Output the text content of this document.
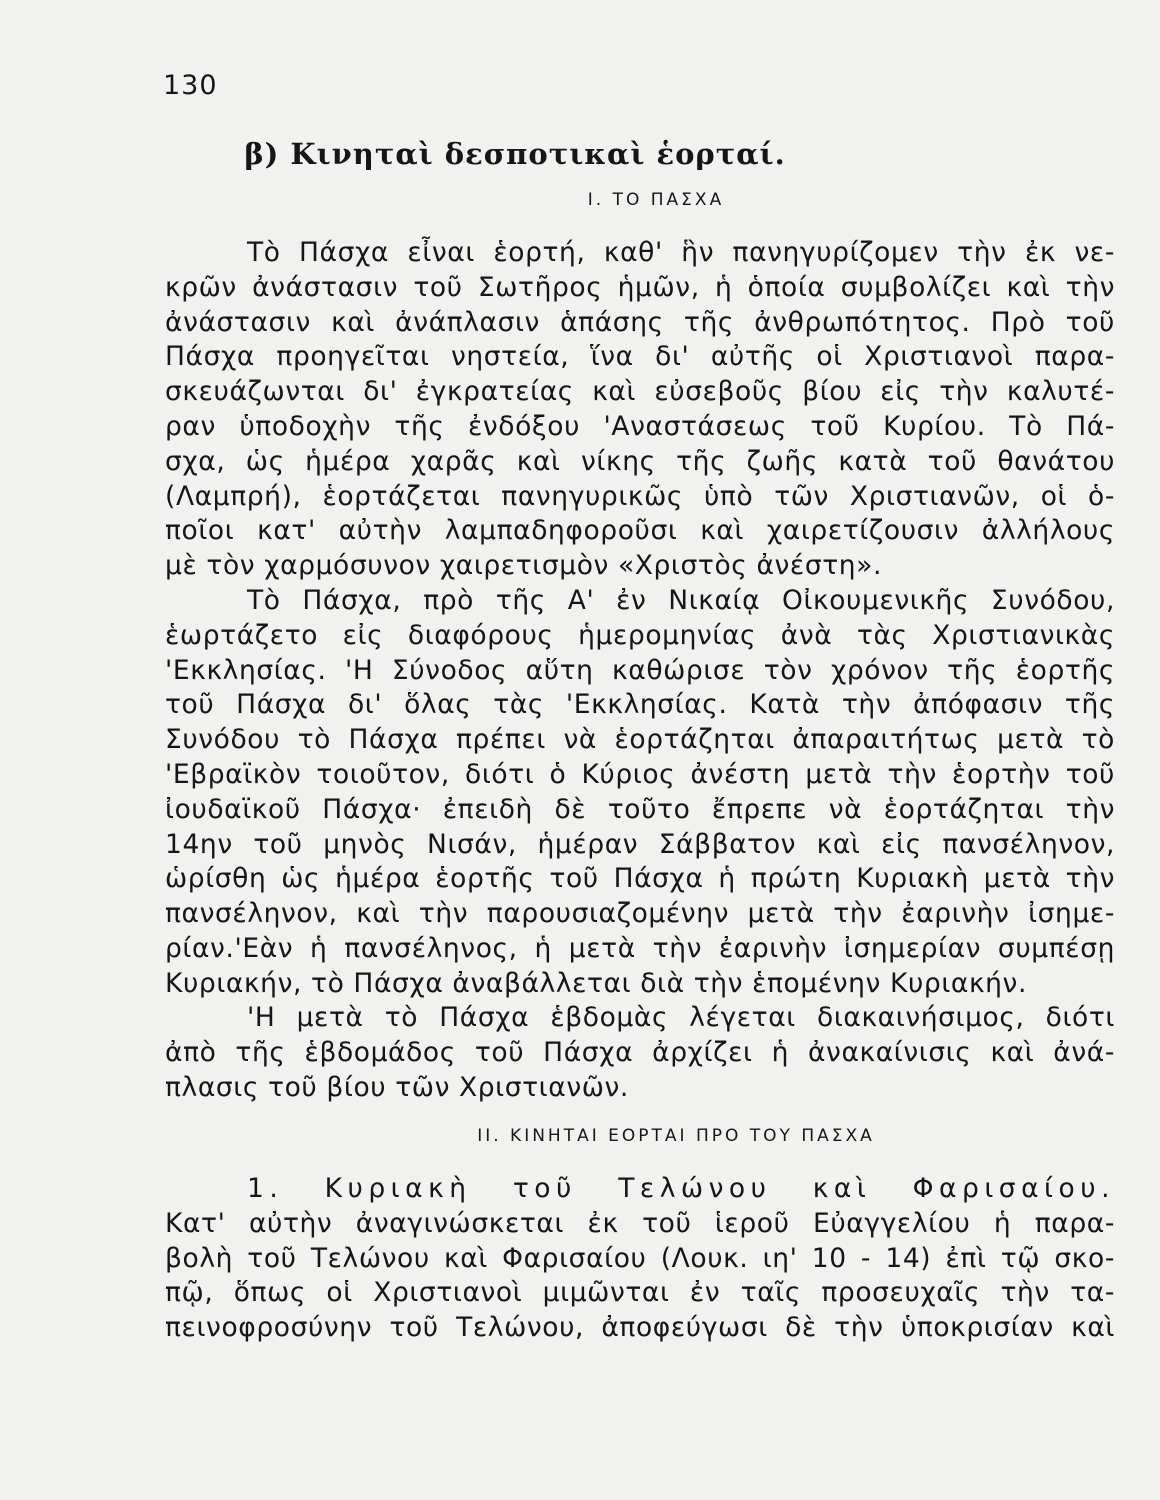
130
β) Κινηταὶ δεσποτικαὶ ἑορταί.
I. ΤΟ ΠΑΣΧΑ
Τὸ Πάσχα εἶναι ἑορτή, καθ' ἣν πανηγυρίζομεν τὴν ἐκ νε-
κρῶν ἀνάστασιν τοῦ Σωτῆρος ἡμῶν, ἡ ὁποία συμβολίζει καὶ τὴν
ἀνάστασιν καὶ ἀνάπλασιν ἁπάσης τῆς ἀνθρωπότητος. Πρὸ τοῦ
Πάσχα προηγεῖται νηστεία, ἵνα δι' αὐτῆς οἱ Χριστιανοὶ παρα-
σκευάζωνται δι' ἐγκρατείας καὶ εὐσεβοῦς βίου εἰς τὴν καλυτέ-
ραν ὑποδοχὴν τῆς ἐνδόξου 'Αναστάσεως τοῦ Κυρίου. Τὸ Πά-
σχα, ὡς ἡμέρα χαρᾶς καὶ νίκης τῆς ζωῆς κατὰ τοῦ θανάτου
(Λαμπρή), ἑορτάζεται πανηγυρικῶς ὑπὸ τῶν Χριστιανῶν, οἱ ὁ-
ποῖοι κατ' αὐτὴν λαμπαδηφοροῦσι καὶ χαιρετίζουσιν ἀλλήλους
μὲ τὸν χαρμόσυνον χαιρετισμὸν «Χριστὸς ἀνέστη».
Τὸ Πάσχα, πρὸ τῆς Α' ἐν Νικαίᾳ Οἰκουμενικῆς Συνόδου,
ἑωρτάζετο εἰς διαφόρους ἡμερομηνίας ἀνὰ τὰς Χριστιανικὰς
'Εκκλησίας. 'Η Σύνοδος αὕτη καθώρισε τὸν χρόνον τῆς ἑορτῆς
τοῦ Πάσχα δι' ὅλας τὰς 'Εκκλησίας. Κατὰ τὴν ἀπόφασιν τῆς
Συνόδου τὸ Πάσχα πρέπει νὰ ἑορτάζηται ἀπαραιτήτως μετὰ τὸ
'Εβραϊκὸν τοιοῦτον, διότι ὁ Κύριος ἀνέστη μετὰ τὴν ἑορτὴν τοῦ
ἰουδαϊκοῦ Πάσχα· ἐπειδὴ δὲ τοῦτο ἔπρεπε νὰ ἑορτάζηται τὴν
14ην τοῦ μηνὸς Νισάν, ἡμέραν Σάββατον καὶ εἰς πανσέληνον,
ὡρίσθη ὡς ἡμέρα ἑορτῆς τοῦ Πάσχα ἡ πρώτη Κυριακὴ μετὰ τὴν
πανσέληνον, καὶ τὴν παρουσιαζομένην μετὰ τὴν ἐαρινὴν ἰσημε-
ρίαν.'Εὰν ἡ πανσέληνος, ἡ μετὰ τὴν ἐαρινὴν ἰσημερίαν συμπέσῃ
Κυριακήν, τὸ Πάσχα ἀναβάλλεται διὰ τὴν ἑπομένην Κυριακήν.
'Η μετὰ τὸ Πάσχα ἑβδομὰς λέγεται διακαινήσιμος, διότι
ἀπὸ τῆς ἑβδομάδος τοῦ Πάσχα ἀρχίζει ἡ ἀνακαίνισις καὶ ἀνά-
πλασις τοῦ βίου τῶν Χριστιανῶν.
II. ΚΙΝΗΤΑΙ ΕΟΡΤΑΙ ΠΡΟ ΤΟΥ ΠΑΣΧΑ
1. Κυριακὴ τοῦ Τελώνου καὶ Φαρισαίου.
Κατ' αὐτὴν ἀναγινώσκεται ἐκ τοῦ ἱεροῦ Εὐαγγελίου ἡ παρα-
βολὴ τοῦ Τελώνου καὶ Φαρισαίου (Λουκ. ιη' 10 - 14) ἐπὶ τῷ σκο-
πῷ, ὅπως οἱ Χριστιανοὶ μιμῶνται ἐν ταῖς προσευχαῖς τὴν τα-
πεινοφροσύνην τοῦ Τελώνου, ἀποφεύγωσι δὲ τὴν ὑποκρισίαν καὶ
